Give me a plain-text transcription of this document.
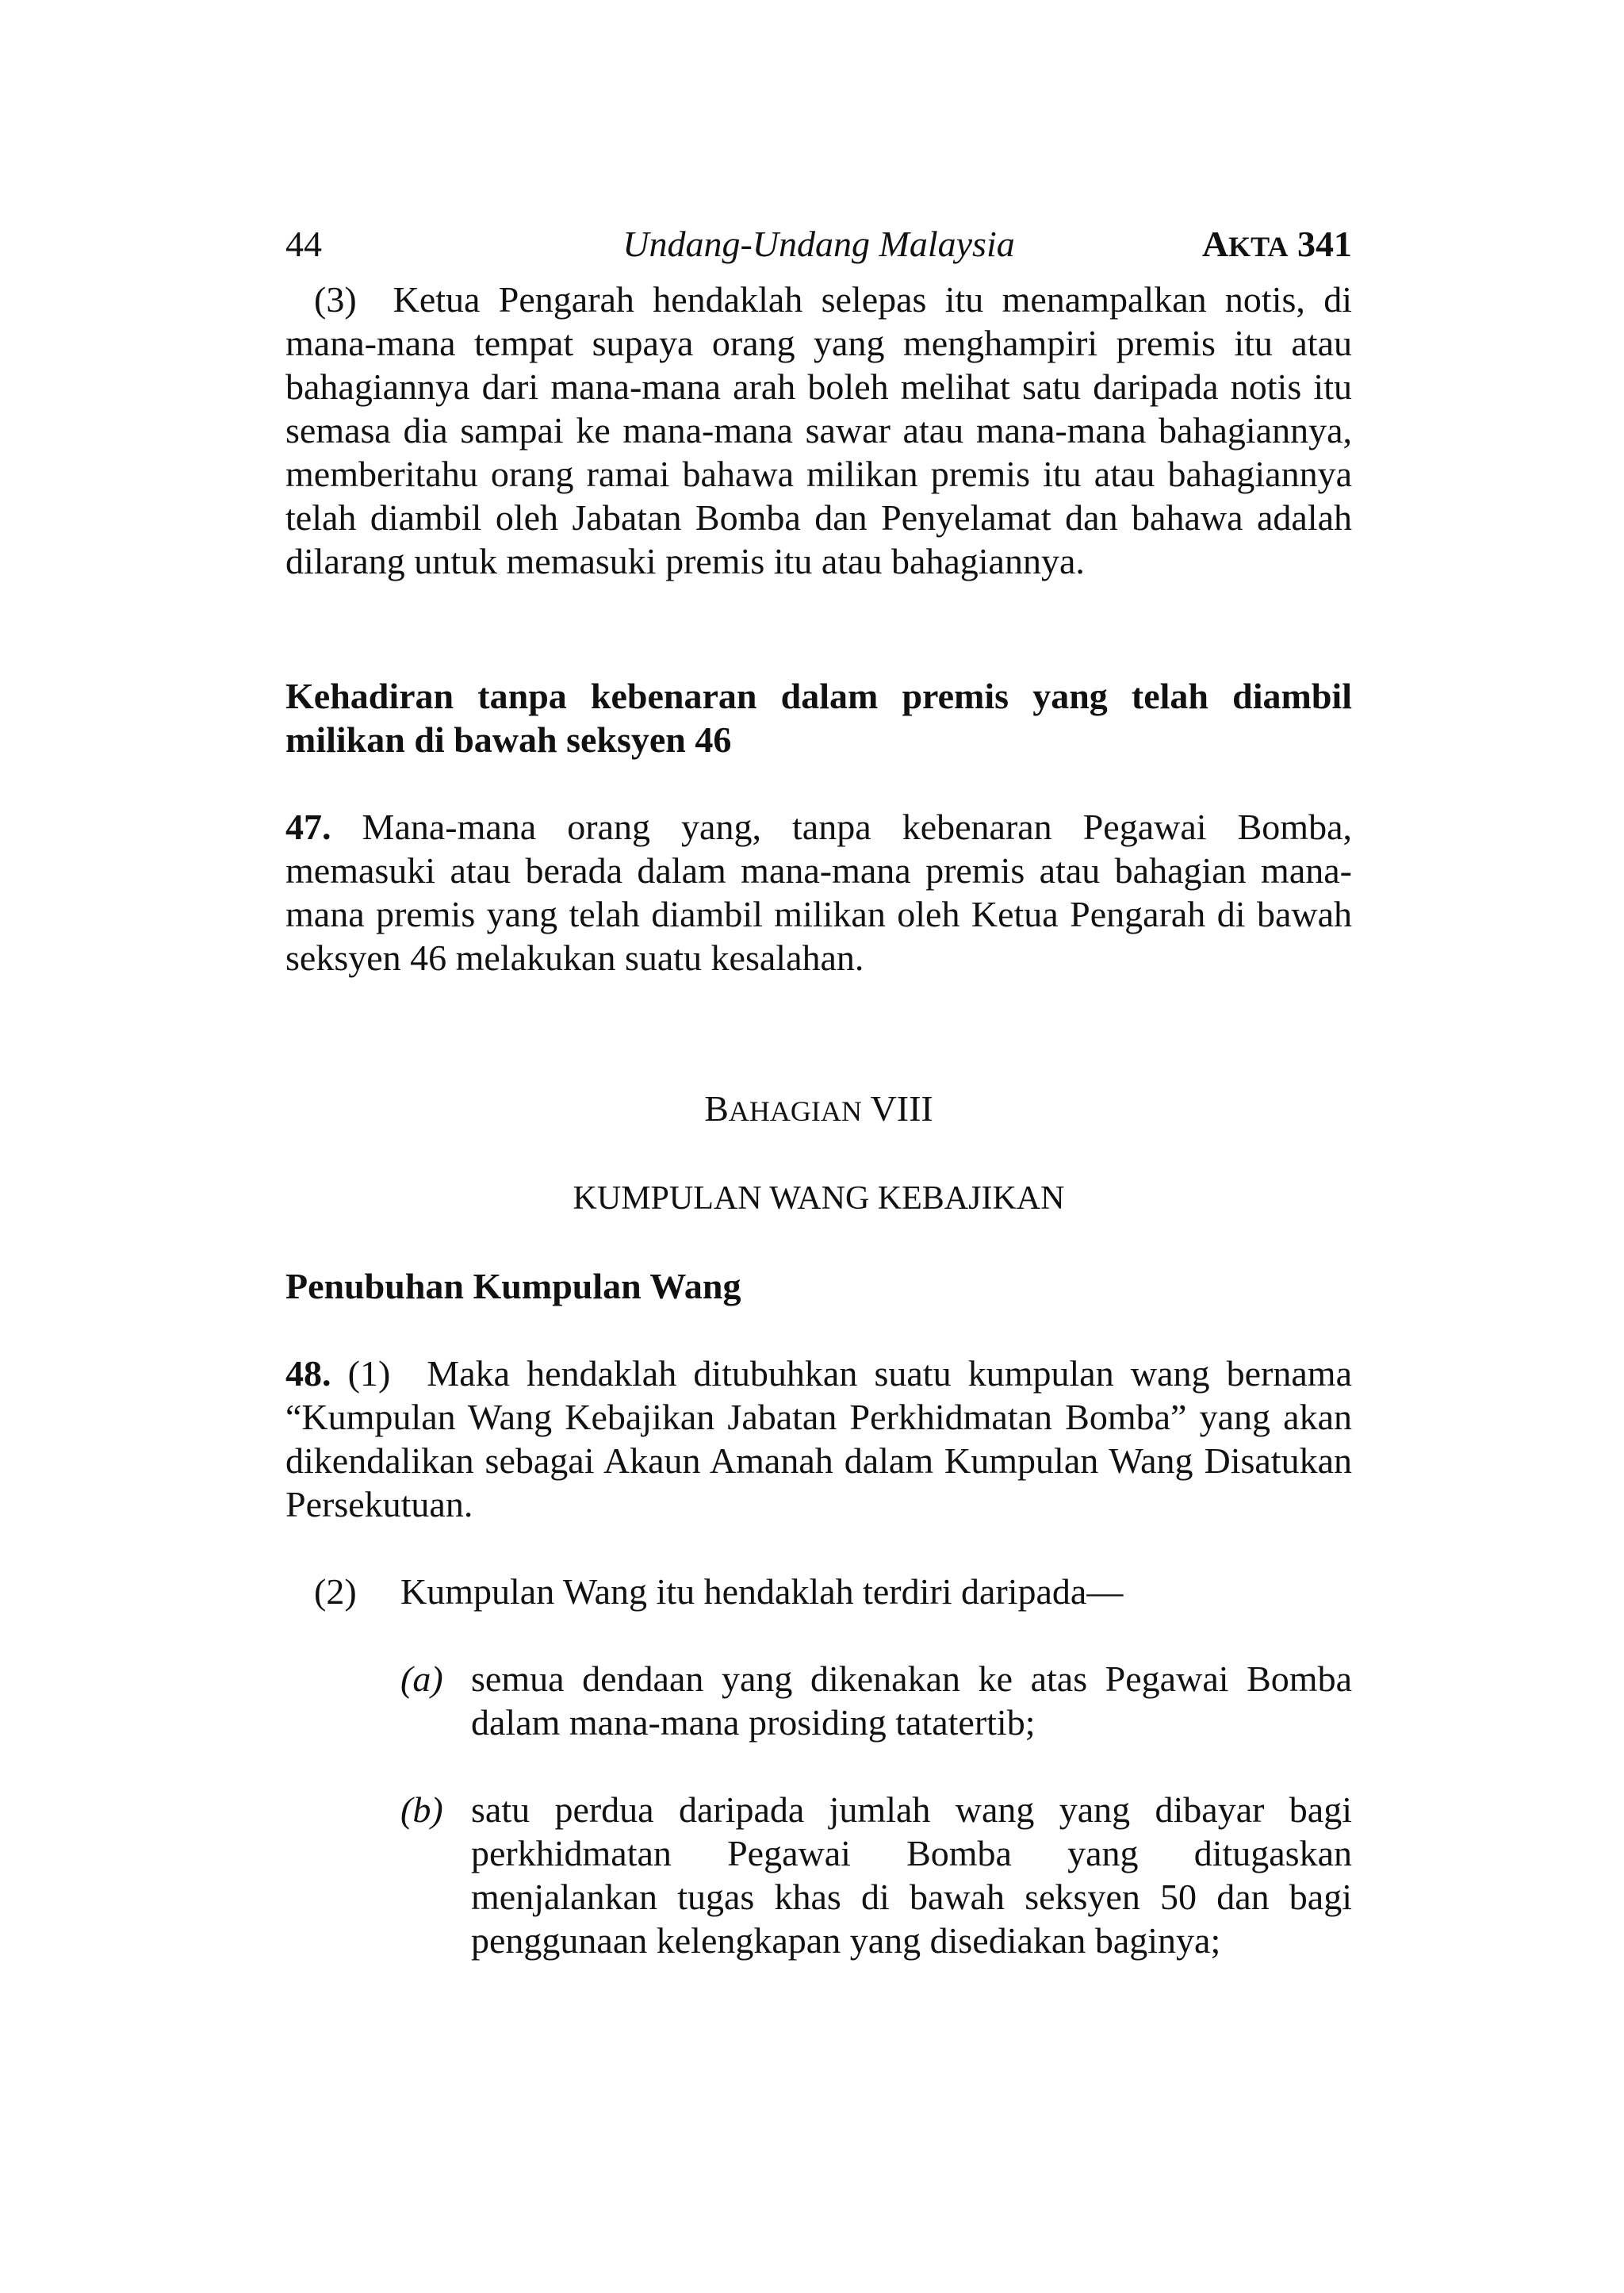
44	Undang-Undang Malaysia	AKTA 341

(3) Ketua Pengarah hendaklah selepas itu menampalkan notis, di mana-mana tempat supaya orang yang menghampiri premis itu atau bahagiannya dari mana-mana arah boleh melihat satu daripada notis itu semasa dia sampai ke mana-mana sawar atau mana-mana bahagiannya, memberitahu orang ramai bahawa milikan premis itu atau bahagiannya telah diambil oleh Jabatan Bomba dan Penyelamat dan bahawa adalah dilarang untuk memasuki premis itu atau bahagiannya.

Kehadiran tanpa kebenaran dalam premis yang telah diambil milikan di bawah seksyen 46

47. Mana-mana orang yang, tanpa kebenaran Pegawai Bomba, memasuki atau berada dalam mana-mana premis atau bahagian mana-mana premis yang telah diambil milikan oleh Ketua Pengarah di bawah seksyen 46 melakukan suatu kesalahan.

BAHAGIAN VIII

KUMPULAN WANG KEBAJIKAN

Penubuhan Kumpulan Wang

48. (1) Maka hendaklah ditubuhkan suatu kumpulan wang bernama “Kumpulan Wang Kebajikan Jabatan Perkhidmatan Bomba” yang akan dikendalikan sebagai Akaun Amanah dalam Kumpulan Wang Disatukan Persekutuan.

(2)	Kumpulan Wang itu hendaklah terdiri daripada—

(a) semua dendaan yang dikenakan ke atas Pegawai Bomba dalam mana-mana prosiding tatatertib;

(b) satu perdua daripada jumlah wang yang dibayar bagi perkhidmatan Pegawai Bomba yang ditugaskan menjalankan tugas khas di bawah seksyen 50 dan bagi penggunaan kelengkapan yang disediakan baginya;
